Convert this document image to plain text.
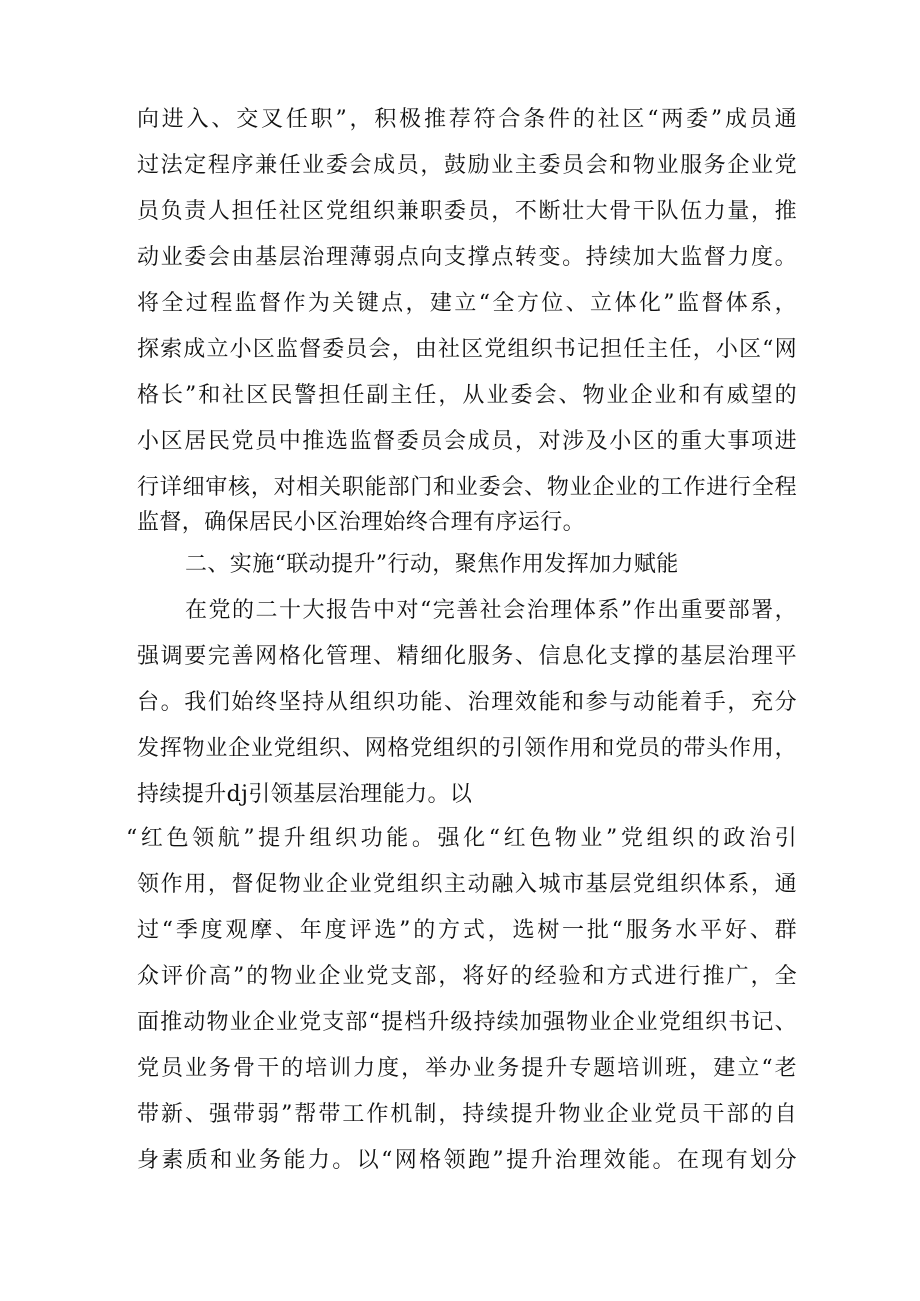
向进入、交叉任职”，积极推荐符合条件的社区“两委”成员通
过法定程序兼任业委会成员，鼓励业主委员会和物业服务企业党
员负责人担任社区党组织兼职委员，不断壮大骨干队伍力量，推
动业委会由基层治理薄弱点向支撑点转变。持续加大监督力度。
将全过程监督作为关键点，建立“全方位、立体化”监督体系，
探索成立小区监督委员会，由社区党组织书记担任主任，小区“网
格长”和社区民警担任副主任，从业委会、物业企业和有威望的
小区居民党员中推选监督委员会成员，对涉及小区的重大事项进
行详细审核，对相关职能部门和业委会、物业企业的工作进行全程
监督，确保居民小区治理始终合理有序运行。
二、实施“联动提升”行动，聚焦作用发挥加力赋能
在党的二十大报告中对“完善社会治理体系”作出重要部署，
强调要完善网格化管理、精细化服务、信息化支撑的基层治理平
台。我们始终坚持从组织功能、治理效能和参与动能着手，充分
发挥物业企业党组织、网格党组织的引领作用和党员的带头作用，
持续提升dj引领基层治理能力。以
“红色领航”提升组织功能。强化“红色物业”党组织的政治引
领作用，督促物业企业党组织主动融入城市基层党组织体系，通
过“季度观摩、年度评选”的方式，选树一批“服务水平好、群
众评价高”的物业企业党支部，将好的经验和方式进行推广，全
面推动物业企业党支部“提档升级持续加强物业企业党组织书记、
党员业务骨干的培训力度，举办业务提升专题培训班，建立“老
带新、强带弱”帮带工作机制，持续提升物业企业党员干部的自
身素质和业务能力。以“网格领跑”提升治理效能。在现有划分
